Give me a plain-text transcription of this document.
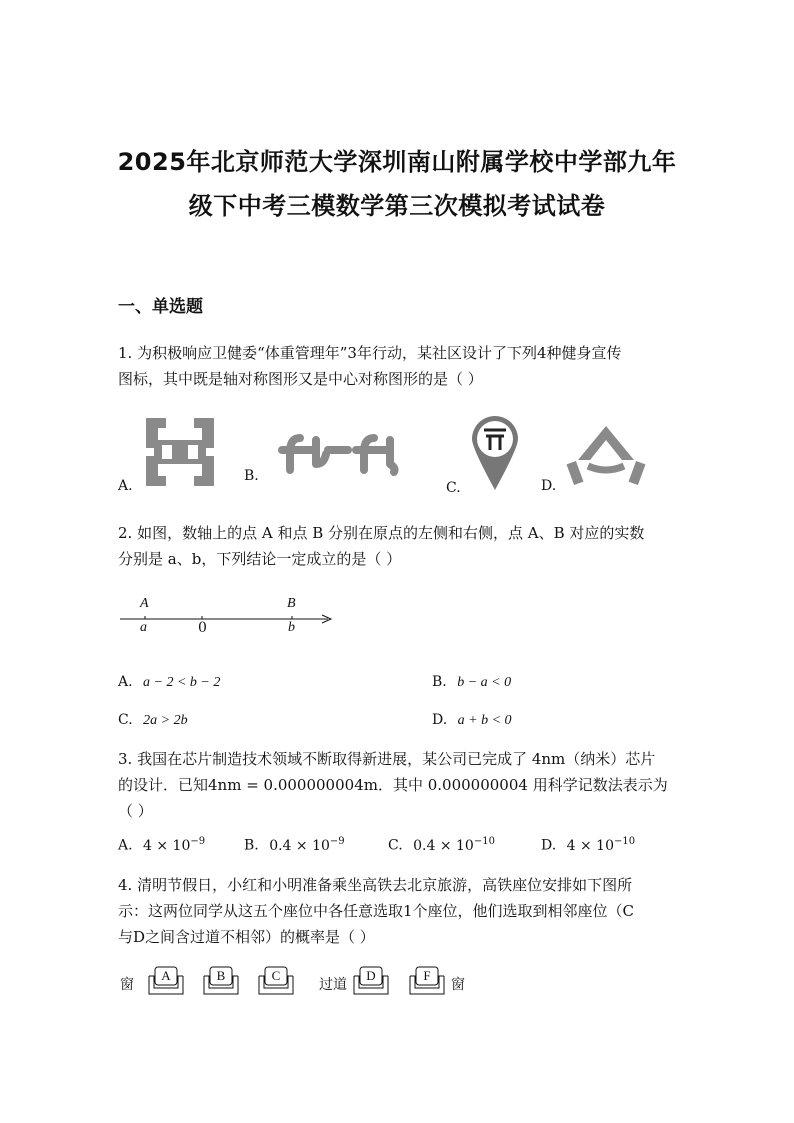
2025年北京师范大学深圳南山附属学校中学部九年
级下中考三模数学第三次模拟考试试卷
一、单选题
1. 为积极响应卫健委“体重管理年”3年行动，某社区设计了下列4种健身宣传
图标，其中既是轴对称图形又是中心对称图形的是（ ）
A.
B.
C.	D.
2. 如图，数轴上的点 A 和点 B 分别在原点的左侧和右侧，点 A、B 对应的实数
分别是 a、b，下列结论一定成立的是（ ）
A
a	0
B
b
A. a − 2 < b − 2	B. b − a < 0
C. 2a > 2b	D. a + b < 0
3. 我国在芯片制造技术领域不断取得新进展，某公司已完成了 4nm（纳米）芯片
的设计．已知4nm = 0.000000004m．其中 0.000000004 用科学记数法表示为
（ ）
A. $4 \times 10^{-9}$	B. $0.4 \times 10^{-9}$	C. $0.4 \times 10^{-10}$	D. $4 \times 10^{-10}$
4. 清明节假日，小红和小明准备乘坐高铁去北京旅游，高铁座位安排如下图所
示：这两位同学从这五个座位中各任意选取1个座位，他们选取到相邻座位（C
与D之间含过道不相邻）的概率是（ ）
窗	过道	窗
A	B	C	D	F
